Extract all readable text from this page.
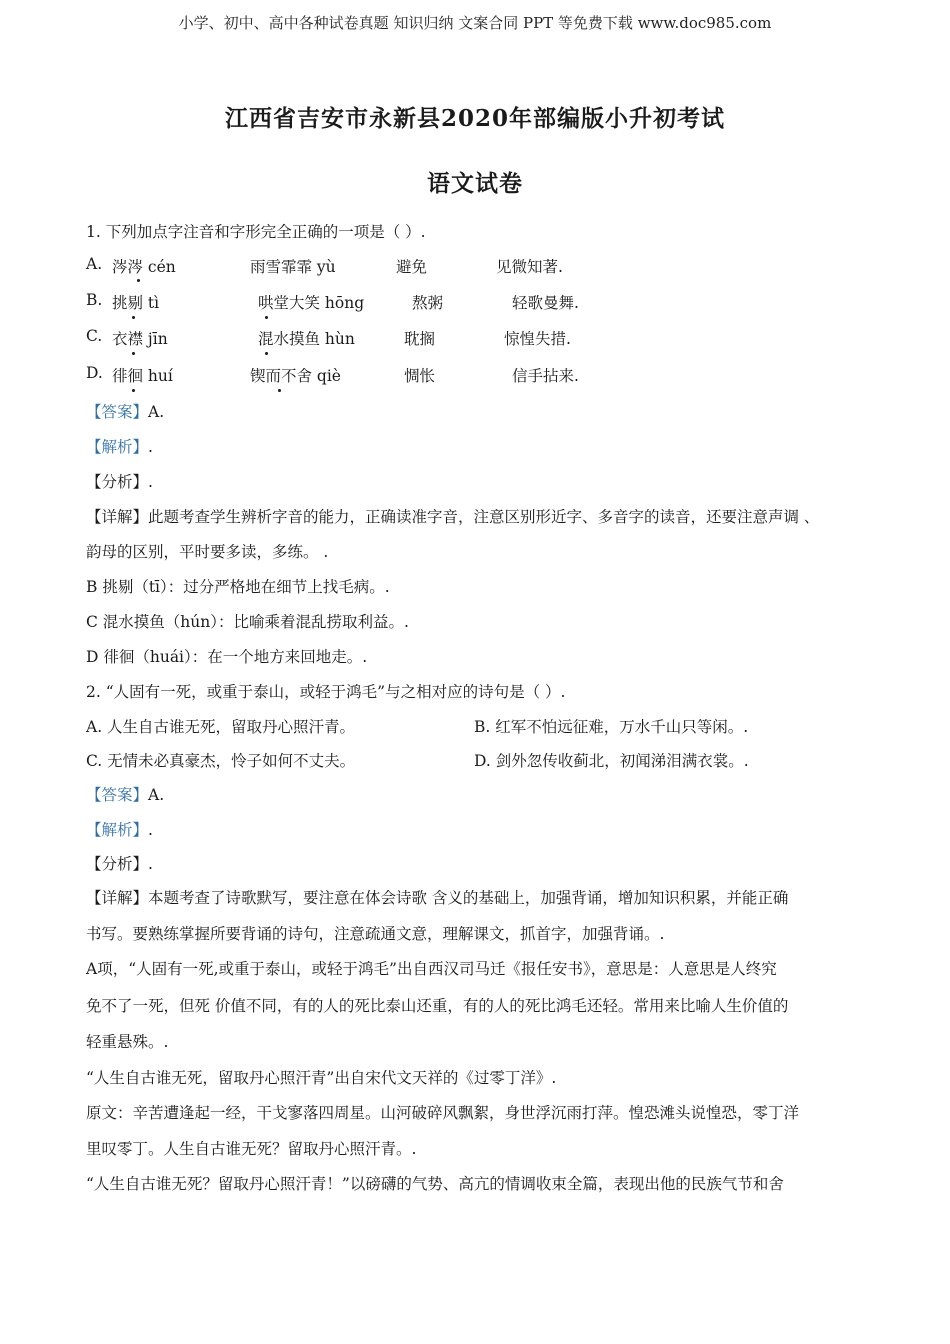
小学、初中、高中各种试卷真题 知识归纳 文案合同 PPT 等免费下载 www.doc985.com
江西省吉安市永新县2020年部编版小升初考试
语文试卷
1. 下列加点字注音和字形完全正确的一项是（ ）.
A. 涔涔 cén	雨雪霏霏 yù	避免	见微知著.
B. 挑剔 tì	哄堂大笑 hōng	熬粥	轻歌曼舞.
C. 衣襟 jīn	混水摸鱼 hùn	耽搁	惊惶失措.
D. 徘徊 huí	锲而不舍 qiè	惆怅	信手拈来.
【答案】A.
【解析】.
【分析】.
【详解】此题考查学生辨析字音的能力，正确读准字音，注意区别形近字、多音字的读音，还要注意声调 、
韵母的区别，平时要多读，多练。 .
B 挑剔（tī）：过分严格地在细节上找毛病。.
C 混水摸鱼（hún）：比喻乘着混乱捞取利益。.
D 徘徊（huái）：在一个地方来回地走。.
2. “人固有一死，或重于泰山，或轻于鸿毛”与之相对应的诗句是（ ）.
A. 人生自古谁无死，留取丹心照汗青。	B. 红军不怕远征难，万水千山只等闲。.
C. 无情未必真豪杰，怜子如何不丈夫。	D. 剑外忽传收蓟北，初闻涕泪满衣裳。.
【答案】A.
【解析】.
【分析】.
【详解】本题考查了诗歌默写，要注意在体会诗歌 含义的基础上，加强背诵，增加知识积累，并能正确
书写。要熟练掌握所要背诵的诗句，注意疏通文意，理解课文，抓首字，加强背诵。.
A项，“人固有一死,或重于泰山，或轻于鸿毛”出自西汉司马迁《报任安书》，意思是：人意思是人终究
免不了一死，但死 价值不同，有的人的死比泰山还重，有的人的死比鸿毛还轻。常用来比喻人生价值的
轻重悬殊。.
“人生自古谁无死，留取丹心照汗青”出自宋代文天祥的《过零丁洋》.
原文：辛苦遭逢起一经，干戈寥落四周星。山河破碎风飘絮，身世浮沉雨打萍。惶恐滩头说惶恐，零丁洋
里叹零丁。人生自古谁无死？留取丹心照汗青。.
“人生自古谁无死？留取丹心照汗青！”以磅礴的气势、高亢的情调收束全篇，表现出他的民族气节和舍
